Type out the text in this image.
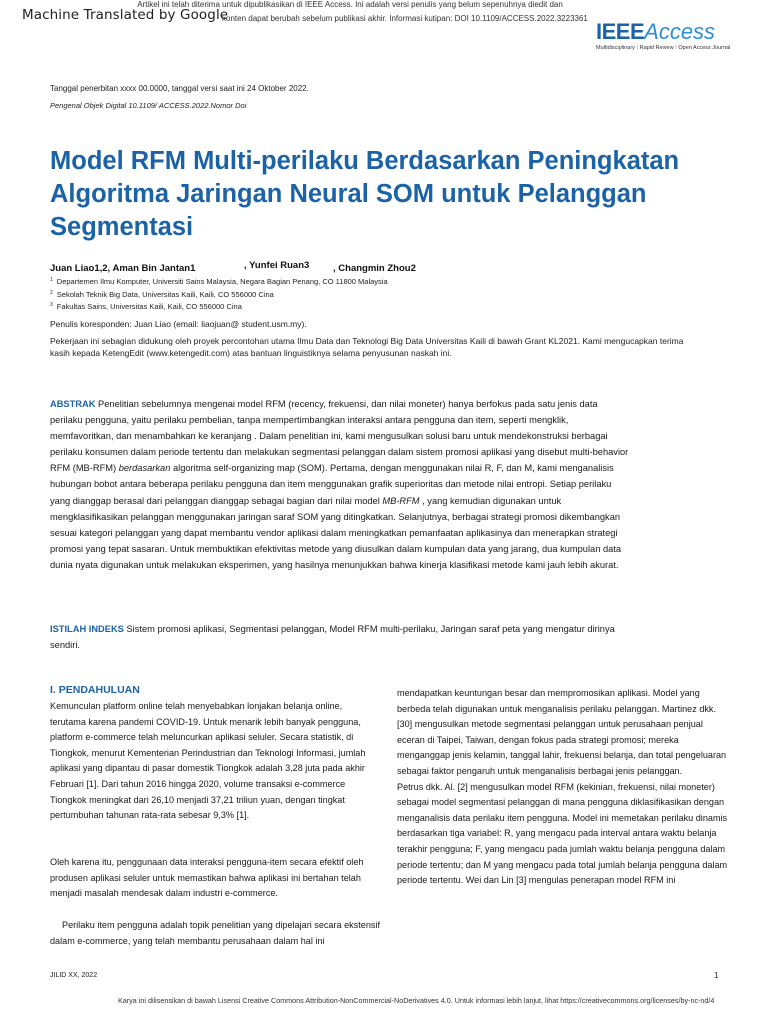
Machine Translated by Google
Artikel ini telah diterima untuk dipublikasikan di IEEE Access. Ini adalah versi penulis yang belum sepenuhnya diedit dan
konten dapat berubah sebelum publikasi akhir. Informasi kutipan: DOI 10.1109/ACCESS.2022.3223361
IEEEAccess
Multidisciplinary ⁝ Rapid Review ⁝ Open Access Journal
Tanggal penerbitan xxxx 00.0000, tanggal versi saat ini 24 Oktober 2022.
Pengenal Objek Digital 10.1109/ ACCESS.2022.Nomor Doi
Model RFM Multi-perilaku Berdasarkan Peningkatan Algoritma Jaringan Neural SOM untuk Pelanggan Segmentasi
Juan Liao1,2, Aman Bin Jantan1	, Yunfei Ruan3 , Changmin Zhou2
$^1$ Departemen Ilmu Komputer, Universiti Sains Malaysia, Negara Bagian Penang, CO 11800 Malaysia
$^2$ Sekolah Teknik Big Data, Universitas Kaili, Kaili, CO 556000 Cina
$^3$ Fakultas Sains, Universitas Kaili, Kaili, CO 556000 Cina
Penulis koresponden: Juan Liao (email: liaojuan@ student.usm.my).
Pekerjaan ini sebagian didukung oleh proyek percontohan utama Ilmu Data dan Teknologi Big Data Universitas Kaili di bawah Grant KL2021. Kami mengucapkan terima kasih kepada KetengEdit (www.ketengedit.com) atas bantuan linguistiknya selama penyusunan naskah ini.
ABSTRAK Penelitian sebelumnya mengenai model RFM (recency, frekuensi, dan nilai moneter) hanya berfokus pada satu jenis data perilaku pengguna, yaitu perilaku pembelian, tanpa mempertimbangkan interaksi antara pengguna dan item, seperti mengklik, memfavoritkan, dan menambahkan ke keranjang . Dalam penelitian ini, kami mengusulkan solusi baru untuk mendekonstruksi berbagai perilaku konsumen dalam periode tertentu dan melakukan segmentasi pelanggan dalam sistem promosi aplikasi yang disebut multi-behavior RFM (MB-RFM) berdasarkan algoritma self-organizing map (SOM). Pertama, dengan menggunakan nilai R, F, dan M, kami menganalisis hubungan bobot antara beberapa perilaku pengguna dan item menggunakan grafik superioritas dan metode nilai entropi. Setiap perilaku yang dianggap berasal dari pelanggan dianggap sebagai bagian dari nilai model MB-RFM , yang kemudian digunakan untuk mengklasifikasikan pelanggan menggunakan jaringan saraf SOM yang ditingkatkan. Selanjutnya, berbagai strategi promosi dikembangkan sesuai kategori pelanggan yang dapat membantu vendor aplikasi dalam meningkatkan pemanfaatan aplikasinya dan menerapkan strategi promosi yang tepat sasaran. Untuk membuktikan efektivitas metode yang diusulkan dalam kumpulan data yang jarang, dua kumpulan data dunia nyata digunakan untuk melakukan eksperimen, yang hasilnya menunjukkan bahwa kinerja klasifikasi metode kami jauh lebih akurat.
ISTILAH INDEKS Sistem promosi aplikasi, Segmentasi pelanggan, Model RFM multi-perilaku, Jaringan saraf peta yang mengatur dirinya sendiri.
I. PENDAHULUAN
Kemunculan platform online telah menyebabkan lonjakan belanja online, terutama karena pandemi COVID-19. Untuk menarik lebih banyak pengguna, platform e-commerce telah meluncurkan aplikasi seluler. Secara statistik, di Tiongkok, menurut Kementerian Perindustrian dan Teknologi Informasi, jumlah aplikasi yang dipantau di pasar domestik Tiongkok adalah 3,28 juta pada akhir Februari [1]. Dari tahun 2016 hingga 2020, volume transaksi e-commerce Tiongkok meningkat dari 26,10 menjadi 37,21 triliun yuan, dengan tingkat pertumbuhan tahunan rata-rata sebesar 9,3% [1].
Oleh karena itu, penggunaan data interaksi pengguna-item secara efektif oleh produsen aplikasi seluler untuk memastikan bahwa aplikasi ini bertahan telah menjadi masalah mendesak dalam industri e-commerce.
Perilaku item pengguna adalah topik penelitian yang dipelajari secara ekstensif dalam e-commerce, yang telah membantu perusahaan dalam hal ini

mendapatkan keuntungan besar dan mempromosikan aplikasi. Model yang berbeda telah digunakan untuk menganalisis perilaku pelanggan. Martinez dkk. [30] mengusulkan metode segmentasi pelanggan untuk perusahaan penjual eceran di Taipei, Taiwan, dengan fokus pada strategi promosi; mereka menganggap jenis kelamin, tanggal lahir, frekuensi belanja, dan total pengeluaran sebagai faktor pengaruh untuk menganalisis berbagai jenis pelanggan.

Petrus dkk. Al. [2] mengusulkan model RFM (kekinian, frekuensi, nilai moneter) sebagai model segmentasi pelanggan di mana pengguna diklasifikasikan dengan menganalisis data perilaku item pengguna. Model ini memetakan perilaku dinamis berdasarkan tiga variabel: R, yang mengacu pada interval antara waktu belanja terakhir pengguna; F, yang mengacu pada jumlah waktu belanja pengguna dalam periode tertentu; dan M yang mengacu pada total jumlah belanja pengguna dalam periode tertentu. Wei dan Lin [3] mengulas penerapan model RFM ini

JILID XX, 2022	1
Karya ini dilisensikan di bawah Lisensi Creative Commons Attribution-NonCommercial-NoDerivatives 4.0. Untuk informasi lebih lanjut, lihat https://creativecommons.org/licenses/by-nc-nd/4
